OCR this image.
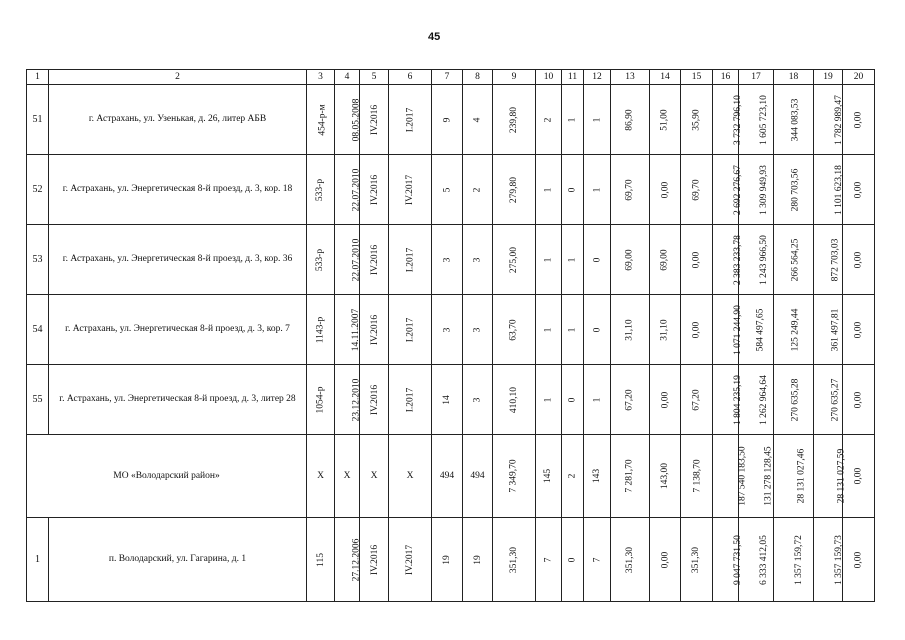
45
1	2	3	4	5	6	7	8	9	10	11	12	13	14	15	16	17	18	19	20
51	г. Астрахань, ул. Узенькая, д. 26, литер АБВ	454-р-м	08.05.2008	IV.2016	I.2017	9	4	239,80	2	1	1	86,90	51,00	35,90	3 732 796,10	1 605 723,10	344 083,53	1 782 989,47	0,00
52	г. Астрахань, ул. Энергетическая 8-й проезд, д. 3, кор. 18	533-р	22.07.2010	IV.2016	IV.2017	5	2	279,80	1	0	1	69,70	0,00	69,70	2 692 276,67	1 309 949,93	280 703,56	1 101 623,18	0,00
53	г. Астрахань, ул. Энергетическая 8-й проезд, д. 3, кор. 36	533-р	22.07.2010	IV.2016	I.2017	3	3	275,00	1	1	0	69,00	69,00	0,00	2 383 233,78	1 243 966,50	266 564,25	872 703,03	0,00
54	г. Астрахань, ул. Энергетическая 8-й проезд, д. 3, кор. 7	1143-р	14.11.2007	IV.2016	I.2017	3	3	63,70	1	1	0	31,10	31,10	0,00	1 071 244,90	584 497,65	125 249,44	361 497,81	0,00
55	г. Астрахань, ул. Энергетическая 8-й проезд, д. 3, литер 28	1054-р	23.12.2010	IV.2016	I.2017	14	3	410,10	1	0	1	67,20	0,00	67,20	1 804 235,19	1 262 964,64	270 635,28	270 635,27	0,00
МО «Володарский район»		Х	Х	Х	Х	494	494	7 349,70	145	2	143	7 281,70	143,00	7 138,70	187 540 183,50	131 278 128,45	28 131 027,46	28 131 027,59	0,00
1	п. Володарский, ул. Гагарина, д. 1	115	27.12.2006	IV.2016	IV.2017	19	19	351,30	7	0	7	351,30	0,00	351,30	9 047 731,50	6 333 412,05	1 357 159,72	1 357 159,73	0,00
